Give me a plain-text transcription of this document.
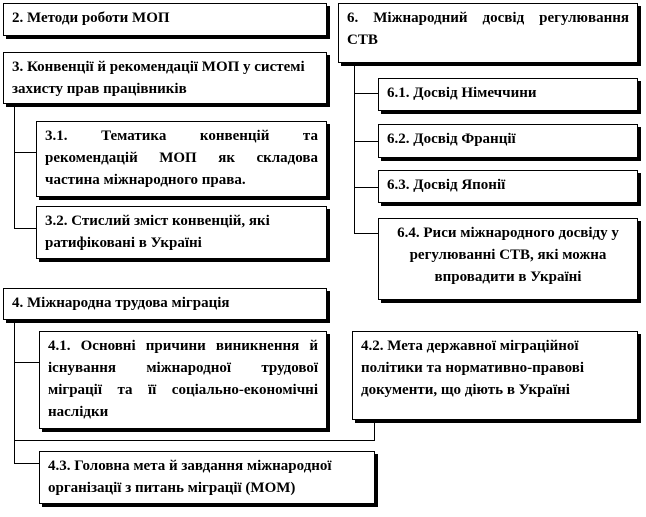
2. Методи роботи МОП
3. Конвенції й рекомендації МОП у системі захисту прав працівників
3.1. Тематика конвенцій та рекомендацій МОП як складова частина міжнародного права.
3.2. Стислий зміст конвенцій, які ратифіковані в Україні
4. Міжнародна трудова міграція
4.1. Основні причини виникнення й існування міжнародної трудової міграції та її соціально-економічні наслідки
4.2. Мета державної міграційної політики та нормативно-правові документи, що діють в Україні
4.3. Головна мета й завдання міжнародної організації з питань міграції (МОМ)
6. Міжнародний досвід регулювання СТВ
6.1. Досвід Німеччини
6.2. Досвід Франції
6.3. Досвід Японії
6.4. Риси міжнародного досвіду у регулюванні СТВ, які можна впровадити в Україні
